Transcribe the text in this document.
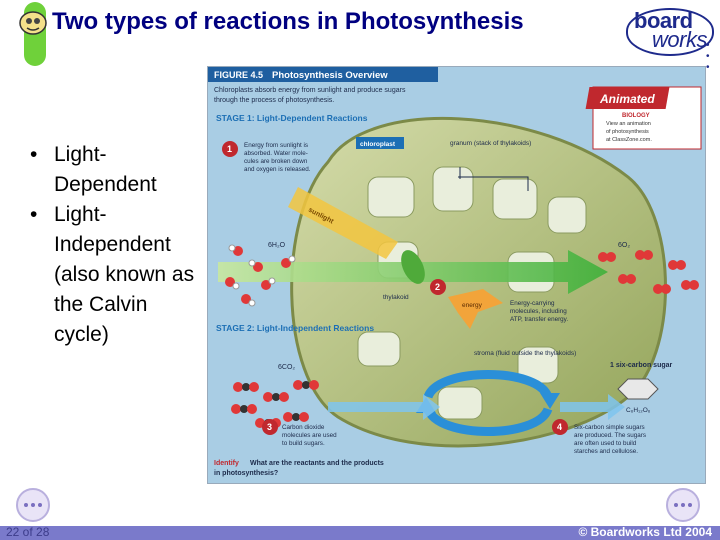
Two types of reactions in Photosynthesis	board
works • • •
• Light-Dependent
• Light-Independent (also known as the Calvin cycle)
FIGURE 4.5 Photosynthesis Overview
Chloroplasts absorb energy from sunlight and produce sugars
through the process of photosynthesis.
STAGE 1: Light-Dependent Reactions
Animated
BIOLOGY
View an animation
of photosynthesis
at ClassZone.com.
chloroplast	granum (stack of thylakoids)
sunlight
thylakoid
6H₂O	6O₂
energy
STAGE 2: Light-Independent Reactions
stroma (fluid outside the thylakoids)
6CO₂	1 six-carbon sugar
C₆H₁₂O₆
1 Energy from sunlight is
absorbed. Water mole-
cules are broken down
and oxygen is released.
2
Energy-carrying
molecules, including
ATP, transfer energy.
3 Carbon dioxide
molecules are used
to build sugars.
4 Six-carbon simple sugars
are produced. The sugars
are often used to build
starches and cellulose.
Identify What are the reactants and the products
in photosynthesis?
22 of 28	© Boardworks Ltd 2004
